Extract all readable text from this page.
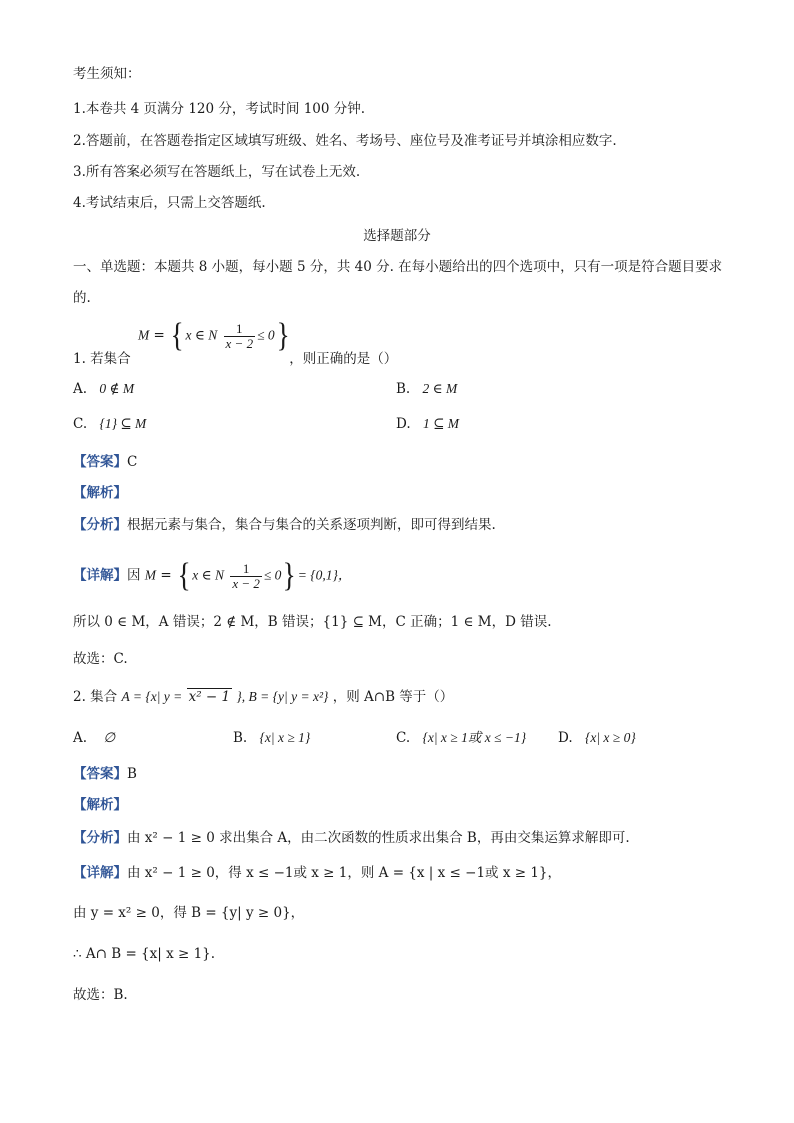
考生须知：
1.本卷共 4 页满分 120 分，考试时间 100 分钟.
2.答题前，在答题卷指定区域填写班级、姓名、考场号、座位号及准考证号并填涂相应数字.
3.所有答案必须写在答题纸上，写在试卷上无效.
4.考试结束后，只需上交答题纸.
选择题部分
一、单选题：本题共 8 小题，每小题 5 分，共 40 分. 在每小题给出的四个选项中，只有一项是符合题目要求
的.
M = { x ∈ N $\frac{1}{x - 2} \le 0$}
1. 若集合	，则正确的是（）
A. 0 ∉ M	B. 2 ∈ M
C. {1} ⊆ M	D. 1 ⊆ M
【答案】C
【解析】
【分析】根据元素与集合，集合与集合的关系逐项判断，即可得到结果.
【详解】因 M = { x ∈ N $\frac{1}{x - 2} \le 0\} = \{0,1\}$，
所以 0 ∈ M，A 错误；2 ∉ M，B 错误；{1} ⊆ M，C 正确；1 ∈ M，D 错误.
故选：C.
2. 集合 A = {x| y = x² − 1 }, B = {y| y = x²} ，则 A∩B 等于（）
A. ∅	B. {x| x ≥ 1}	C. {x| x ≥ 1或 x ≤ −1} D. {x| x ≥ 0}
【答案】B
【解析】
【分析】由 x² − 1 ≥ 0 求出集合 A，由二次函数的性质求出集合 B，再由交集运算求解即可.
【详解】由 x² − 1 ≥ 0，得 x ≤ −1或 x ≥ 1，则 A = {x | x ≤ −1或 x ≥ 1}，
由 y = x² ≥ 0，得 B = {y| y ≥ 0}，
∴ A∩ B = {x| x ≥ 1}.
故选：B.
